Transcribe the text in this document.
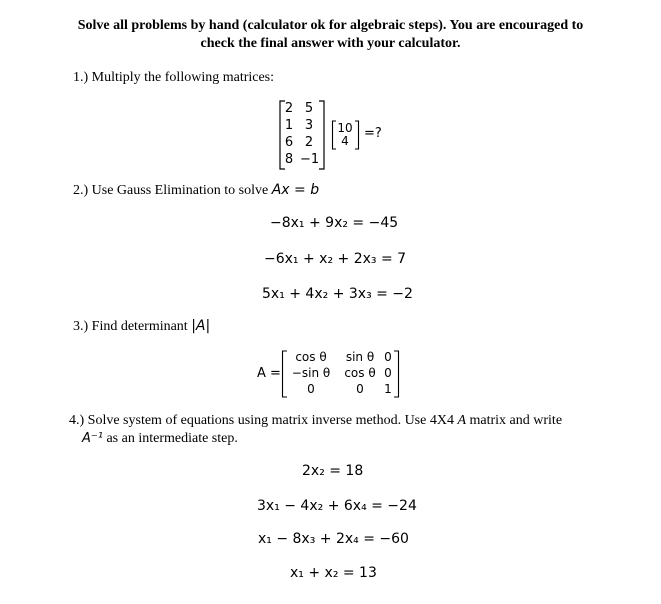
Solve all problems by hand (calculator ok for algebraic steps). You are encouraged to
check the final answer with your calculator.
1.) Multiply the following matrices:
2 5
1 3
6 2
8 −1
10
4	=?
2.) Use Gauss Elimination to solve Ax = b
−8x₁ + 9x₂ = −45
−6x₁ + x₂ + 2x₃ = 7
5x₁ + 4x₂ + 3x₃ = −2
3.) Find determinant |A|
A =
cos θ	sin θ 0
−sin θ	cos θ 0
0	0	1
4.) Solve system of equations using matrix inverse method. Use 4X4 A matrix and write
A⁻¹ as an intermediate step.
2x₂ = 18
3x₁ − 4x₂ + 6x₄ = −24
x₁ − 8x₃ + 2x₄ = −60
x₁ + x₂ = 13
